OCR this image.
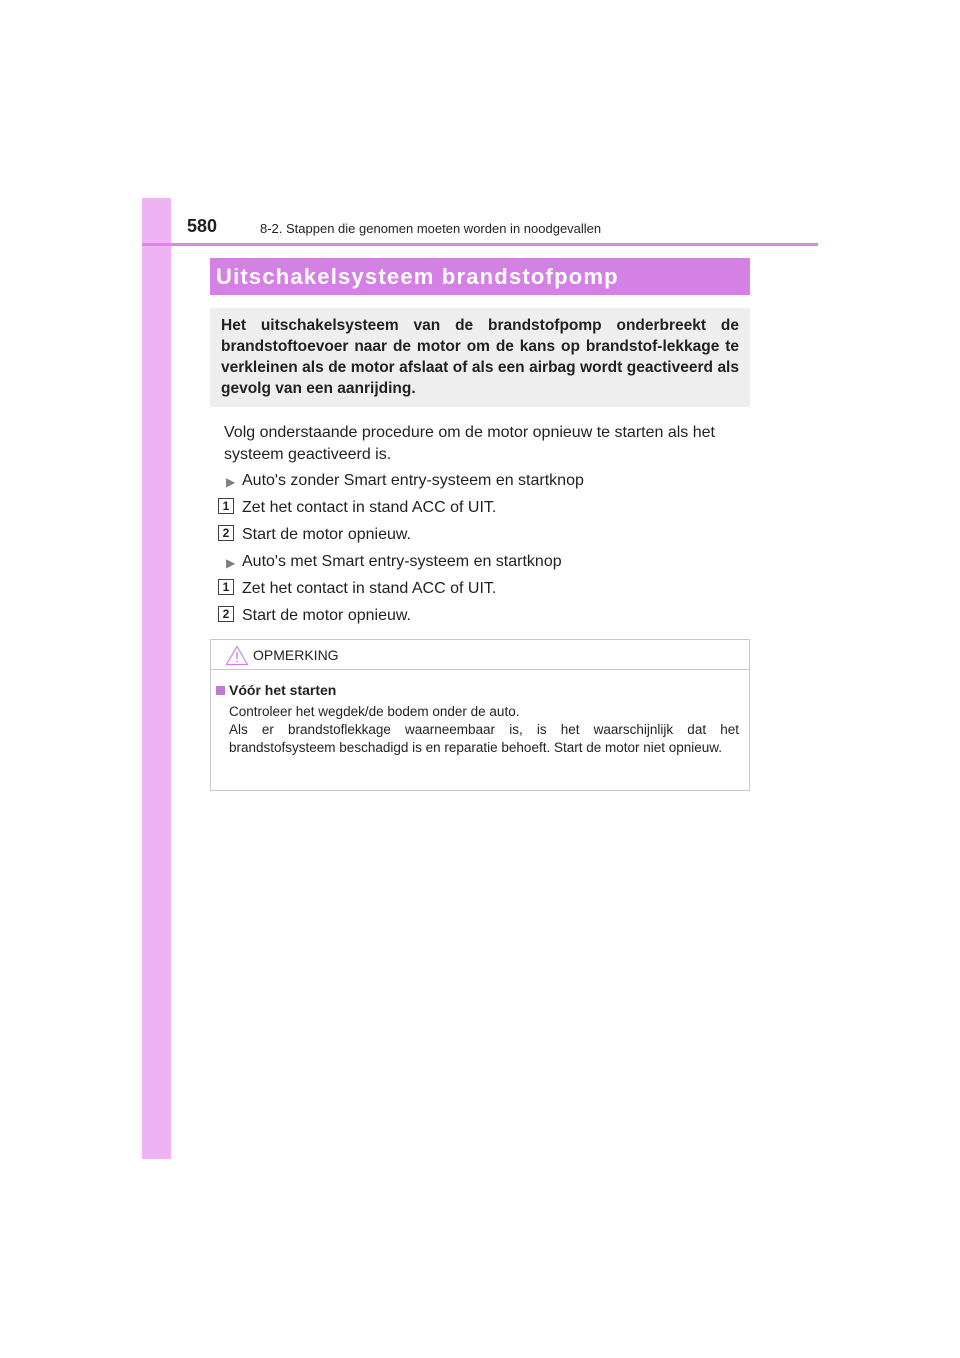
580	8-2. Stappen die genomen moeten worden in noodgevallen
Uitschakelsysteem brandstofpomp
Het uitschakelsysteem van de brandstofpomp onderbreekt de brandstoftoevoer naar de motor om de kans op brandstof-lekkage te verkleinen als de motor afslaat of als een airbag wordt geactiveerd als gevolg van een aanrijding.
Volg onderstaande procedure om de motor opnieuw te starten als het systeem geactiveerd is.
▶ Auto's zonder Smart entry-systeem en startknop
1 Zet het contact in stand ACC of UIT.
2 Start de motor opnieuw.
▶ Auto's met Smart entry-systeem en startknop
1 Zet het contact in stand ACC of UIT.
2 Start de motor opnieuw.
OPMERKING
Vóór het starten
Controleer het wegdek/de bodem onder de auto.
Als er brandstoflekkage waarneembaar is, is het waarschijnlijk dat het brandstofsysteem beschadigd is en reparatie behoeft. Start de motor niet opnieuw.
